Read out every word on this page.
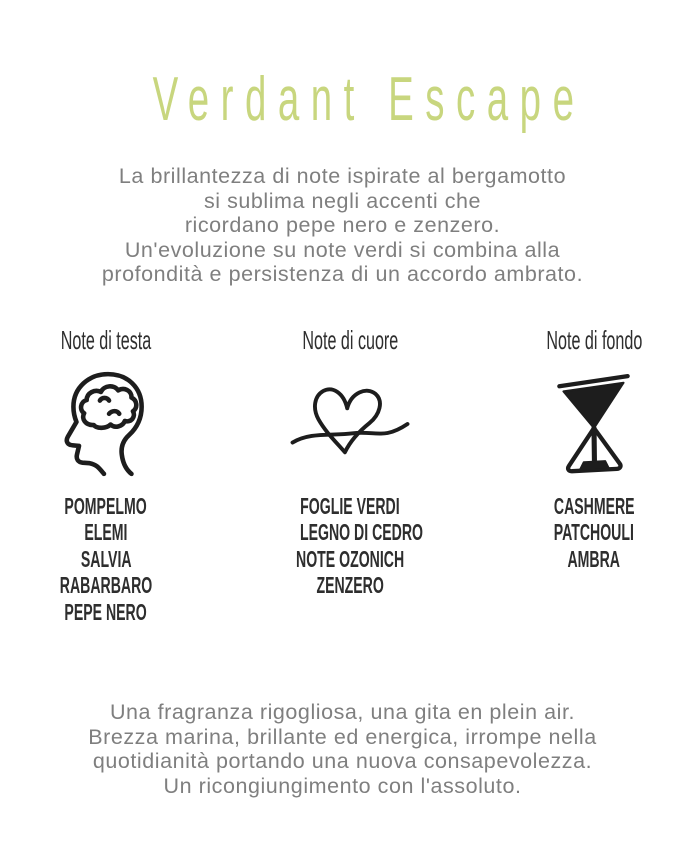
Verdant Escape

La brillantezza di note ispirate al bergamotto
si sublima negli accenti che
ricordano pepe nero e zenzero.
Un'evoluzione su note verdi si combina alla
profondità e persistenza di un accordo ambrato.

Note di testa
POMPELMO
ELEMI
SALVIA
RABARBARO
PEPE NERO
Note di cuore
FOGLIE VERDI
LEGNO DI CEDRO
NOTE OZONICH
ZENZERO
Note di fondo
CASHMERE
PATCHOULI
AMBRA

Una fragranza rigogliosa, una gita en plein air.
Brezza marina, brillante ed energica, irrompe nella
quotidianità portando una nuova consapevolezza.
Un ricongiungimento con l'assoluto.
